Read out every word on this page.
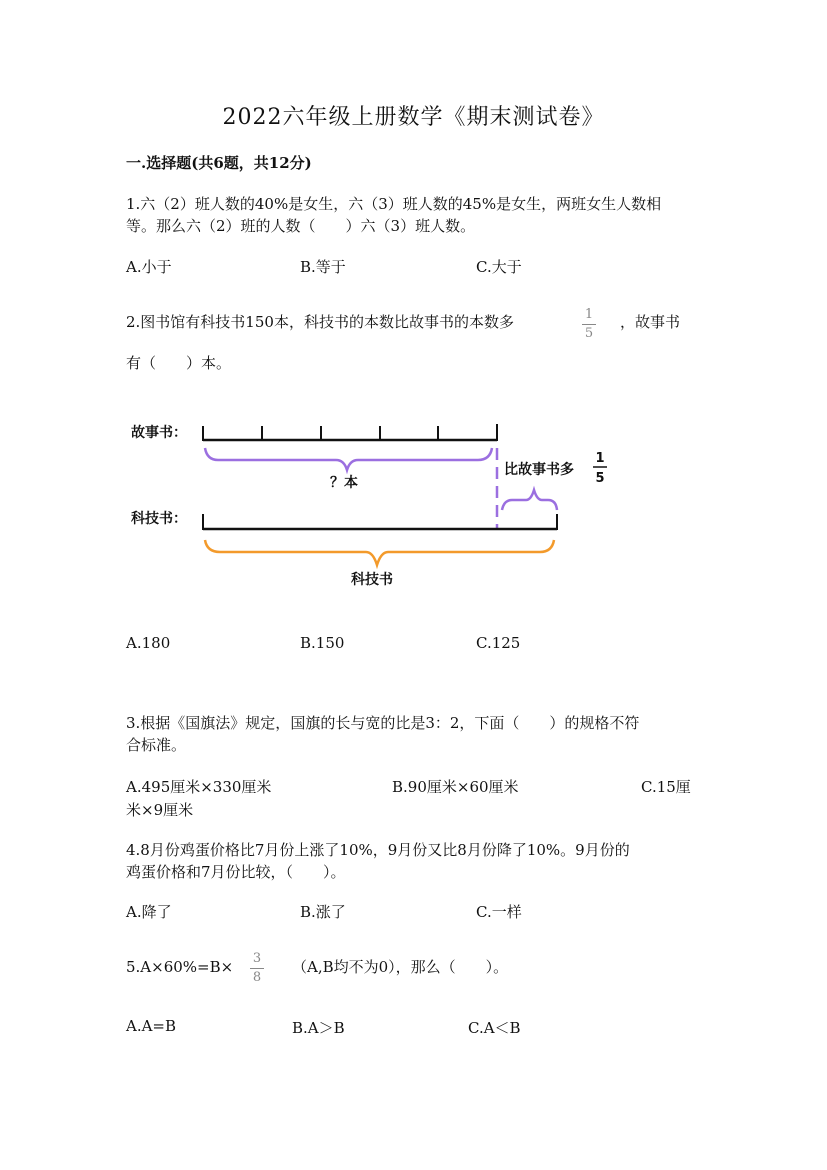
2022六年级上册数学《期末测试卷》
一.选择题(共6题，共12分)
1.六（2）班人数的40%是女生，六（3）班人数的45%是女生，两班女生人数相
等。那么六（2）班的人数（　　）六（3）班人数。
A.小于	B.等于	C.大于
2.图书馆有科技书150本，科技书的本数比故事书的本数多	1
5
，故事书
有（　　）本。
故事书：
？本
比故事书多
1
5
科技书：
科技书
A.180	B.150	C.125
3.根据《国旗法》规定，国旗的长与宽的比是3：2，下面（　　）的规格不符
合标准。
A.495厘米×330厘米	B.90厘米×60厘米	C.15厘
米×9厘米
4.8月份鸡蛋价格比7月份上涨了10%，9月份又比8月份降了10%。9月份的
鸡蛋价格和7月份比较，（　　）。
A.降了	B.涨了	C.一样
5.A×60%=B×	3
8
（A,B均不为0），那么（　　）。
A.A=B	B.A＞B	C.A＜B
